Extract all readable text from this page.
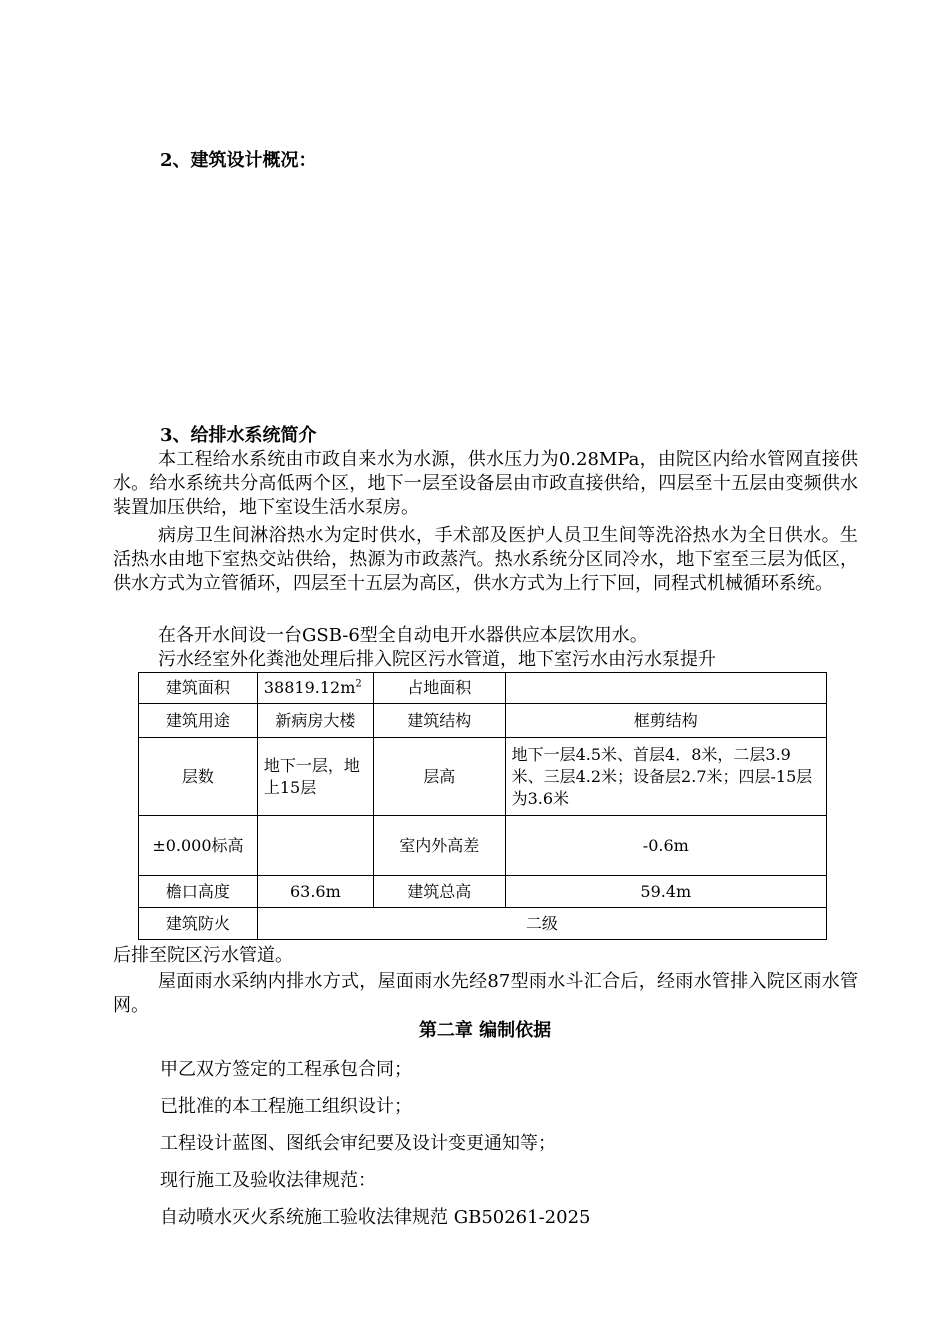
2、建筑设计概况：
3、给排水系统简介

本工程给水系统由市政自来水为水源，供水压力为0.28MPa，由院区内给水管网直接供水。给水系统共分高低两个区，地下一层至设备层由市政直接供给，四层至十五层由变频供水装置加压供给，地下室设生活水泵房。

病房卫生间淋浴热水为定时供水，手术部及医护人员卫生间等洗浴热水为全日供水。生活热水由地下室热交站供给，热源为市政蒸汽。热水系统分区同冷水，地下室至三层为低区，供水方式为立管循环，四层至十五层为高区，供水方式为上行下回，同程式机械循环系统。

在各开水间设一台GSB-6型全自动电开水器供应本层饮用水。

污水经室外化粪池处理后排入院区污水管道，地下室污水由污水泵提升

建筑面积	$38819.12m^2$	占地面积	
建筑用途	新病房大楼	建筑结构	框剪结构
层数	地下一层，地上15层	层高	地下一层4.5米、首层4．8米，二层3.9米、三层4.2米；设备层2.7米；四层-15层为3.6米
±0.000标高		室内外高差	-0.6m
檐口高度	63.6m	建筑总高	59.4m
建筑防火	二级		

后排至院区污水管道。

屋面雨水采纳内排水方式，屋面雨水先经87型雨水斗汇合后，经雨水管排入院区雨水管网。

第二章 编制依据
甲乙双方签定的工程承包合同；
已批准的本工程施工组织设计；
工程设计蓝图、图纸会审纪要及设计变更通知等；
现行施工及验收法律规范：
自动喷水灭火系统施工验收法律规范 GB50261-2025
